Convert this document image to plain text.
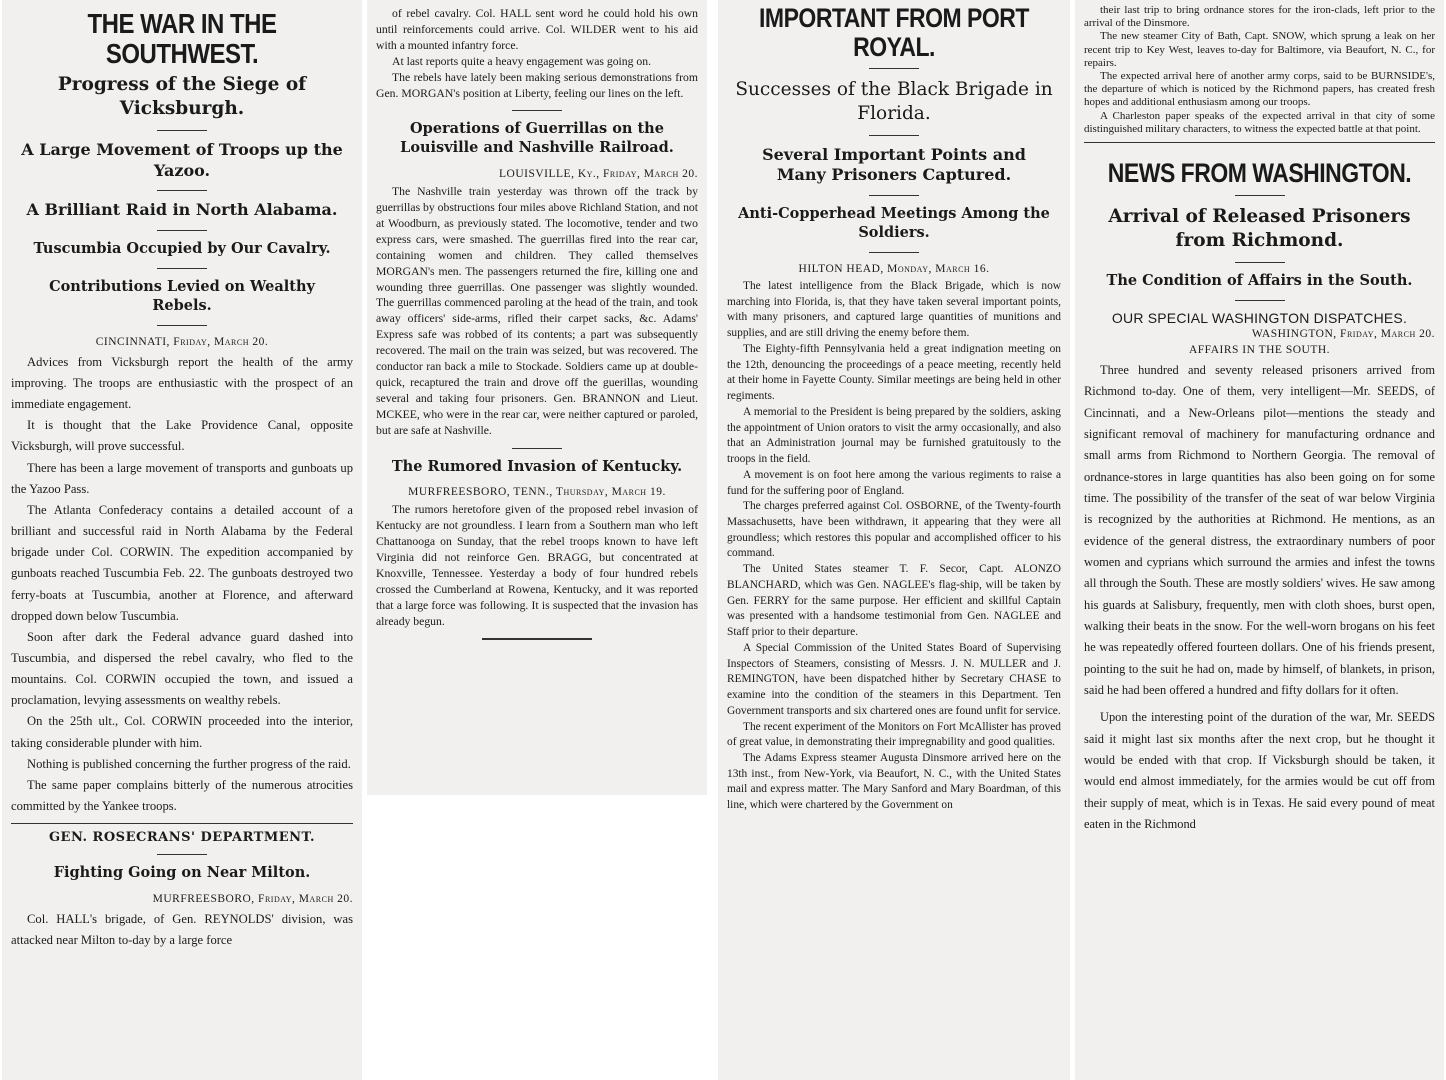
THE WAR IN THE SOUTHWEST.
Progress of the Siege of Vicksburgh.
A Large Movement of Troops up the Yazoo.
A Brilliant Raid in North Alabama.
Tuscumbia Occupied by Our Cavalry.
Contributions Levied on Wealthy Rebels.
CINCINNATI, Friday, March 20.

Advices from Vicksburgh report the health of the army improving. The troops are enthusiastic with the prospect of an immediate engagement.

It is thought that the Lake Providence Canal, opposite Vicksburgh, will prove successful.

There has been a large movement of transports and gunboats up the Yazoo Pass.

The Atlanta Confederacy contains a detailed account of a brilliant and successful raid in North Alabama by the Federal brigade under Col. CORWIN. The expedition accompanied by gunboats reached Tuscumbia Feb. 22. The gunboats destroyed two ferry-boats at Tuscumbia, another at Florence, and afterward dropped down below Tuscumbia.

Soon after dark the Federal advance guard dashed into Tuscumbia, and dispersed the rebel cavalry, who fled to the mountains. Col. CORWIN occupied the town, and issued a proclamation, levying assessments on wealthy rebels.

On the 25th ult., Col. CORWIN proceeded into the interior, taking considerable plunder with him.

Nothing is published concerning the further progress of the raid.

The same paper complains bitterly of the numerous atrocities committed by the Yankee troops.

GEN. ROSECRANS' DEPARTMENT.
Fighting Going on Near Milton.
MURFREESBORO, Friday, March 20.

Col. HALL's brigade, of Gen. REYNOLDS' division, was attacked near Milton to-day by a large force

of rebel cavalry. Col. HALL sent word he could hold his own until reinforcements could arrive. Col. WILDER went to his aid with a mounted infantry force.

At last reports quite a heavy engagement was going on.

The rebels have lately been making serious demonstrations from Gen. MORGAN's position at Liberty, feeling our lines on the left.

Operations of Guerrillas on the Louisville and Nashville Railroad.
LOUISVILLE, Ky., Friday, March 20.

The Nashville train yesterday was thrown off the track by guerrillas by obstructions four miles above Richland Station, and not at Woodburn, as previously stated. The locomotive, tender and two express cars, were smashed. The guerrillas fired into the rear car, containing women and children. They called themselves MORGAN's men. The passengers returned the fire, killing one and wounding three guerrillas. One passenger was slightly wounded. The guerrillas commenced paroling at the head of the train, and took away officers' side-arms, rifled their carpet sacks, &c. Adams' Express safe was robbed of its contents; a part was subsequently recovered. The mail on the train was seized, but was recovered. The conductor ran back a mile to Stockade. Soldiers came up at double-quick, recaptured the train and drove off the guerillas, wounding several and taking four prisoners. Gen. BRANNON and Lieut. MCKEE, who were in the rear car, were neither captured or paroled, but are safe at Nashville.

The Rumored Invasion of Kentucky.
MURFREESBORO, TENN., Thursday, March 19.

The rumors heretofore given of the proposed rebel invasion of Kentucky are not groundless. I learn from a Southern man who left Chattanooga on Sunday, that the rebel troops known to have left Virginia did not reinforce Gen. BRAGG, but concentrated at Knoxville, Tennessee. Yesterday a body of four hundred rebels crossed the Cumberland at Rowena, Kentucky, and it was reported that a large force was following. It is suspected that the invasion has already begun.

IMPORTANT FROM PORT ROYAL.
Successes of the Black Brigade in Florida.
Several Important Points and Many Prisoners Captured.
Anti-Copperhead Meetings Among the Soldiers.
HILTON HEAD, Monday, March 16.

The latest intelligence from the Black Brigade, which is now marching into Florida, is, that they have taken several important points, with many prisoners, and captured large quantities of munitions and supplies, and are still driving the enemy before them.

The Eighty-fifth Pennsylvania held a great indignation meeting on the 12th, denouncing the proceedings of a peace meeting, recently held at their home in Fayette County. Similar meetings are being held in other regiments.

A memorial to the President is being prepared by the soldiers, asking the appointment of Union orators to visit the army occasionally, and also that an Administration journal may be furnished gratuitously to the troops in the field.

A movement is on foot here among the various regiments to raise a fund for the suffering poor of England.

The charges preferred against Col. OSBORNE, of the Twenty-fourth Massachusetts, have been withdrawn, it appearing that they were all groundless; which restores this popular and accomplished officer to his command.

The United States steamer T. F. Secor, Capt. ALONZO BLANCHARD, which was Gen. NAGLEE's flag-ship, will be taken by Gen. FERRY for the same purpose. Her efficient and skillful Captain was presented with a handsome testimonial from Gen. NAGLEE and Staff prior to their departure.

A Special Commission of the United States Board of Supervising Inspectors of Steamers, consisting of Messrs. J. N. MULLER and J. REMINGTON, have been dispatched hither by Secretary CHASE to examine into the condition of the steamers in this Department. Ten Government transports and six chartered ones are found unfit for service.

The recent experiment of the Monitors on Fort McAllister has proved of great value, in demonstrating their impregnability and good qualities.

The Adams Express steamer Augusta Dinsmore arrived here on the 13th inst., from New-York, via Beaufort, N. C., with the United States mail and express matter. The Mary Sanford and Mary Boardman, of this line, which were chartered by the Government on

their last trip to bring ordnance stores for the iron-clads, left prior to the arrival of the Dinsmore.

The new steamer City of Bath, Capt. SNOW, which sprung a leak on her recent trip to Key West, leaves to-day for Baltimore, via Beaufort, N. C., for repairs.

The expected arrival here of another army corps, said to be BURNSIDE's, the departure of which is noticed by the Richmond papers, has created fresh hopes and additional enthusiasm among our troops.

A Charleston paper speaks of the expected arrival in that city of some distinguished military characters, to witness the expected battle at that point.

NEWS FROM WASHINGTON.
Arrival of Released Prisoners from Richmond.
The Condition of Affairs in the South.
OUR SPECIAL WASHINGTON DISPATCHES.
WASHINGTON, Friday, March 20.
AFFAIRS IN THE SOUTH.

Three hundred and seventy released prisoners arrived from Richmond to-day. One of them, very intelligent—Mr. SEEDS, of Cincinnati, and a New-Orleans pilot—mentions the steady and significant removal of machinery for manufacturing ordnance and small arms from Richmond to Northern Georgia. The removal of ordnance-stores in large quantities has also been going on for some time. The possibility of the transfer of the seat of war below Virginia is recognized by the authorities at Richmond. He mentions, as an evidence of the general distress, the extraordinary numbers of poor women and cyprians which surround the armies and infest the towns all through the South. These are mostly soldiers' wives. He saw among his guards at Salisbury, frequently, men with cloth shoes, burst open, walking their beats in the snow. For the well-worn brogans on his feet he was repeatedly offered fourteen dollars. One of his friends present, pointing to the suit he had on, made by himself, of blankets, in prison, said he had been offered a hundred and fifty dollars for it often.

Upon the interesting point of the duration of the war, Mr. SEEDS said it might last six months after the next crop, but he thought it would be ended with that crop. If Vicksburgh should be taken, it would end almost immediately, for the armies would be cut off from their supply of meat, which is in Texas. He said every pound of meat eaten in the Richmond
